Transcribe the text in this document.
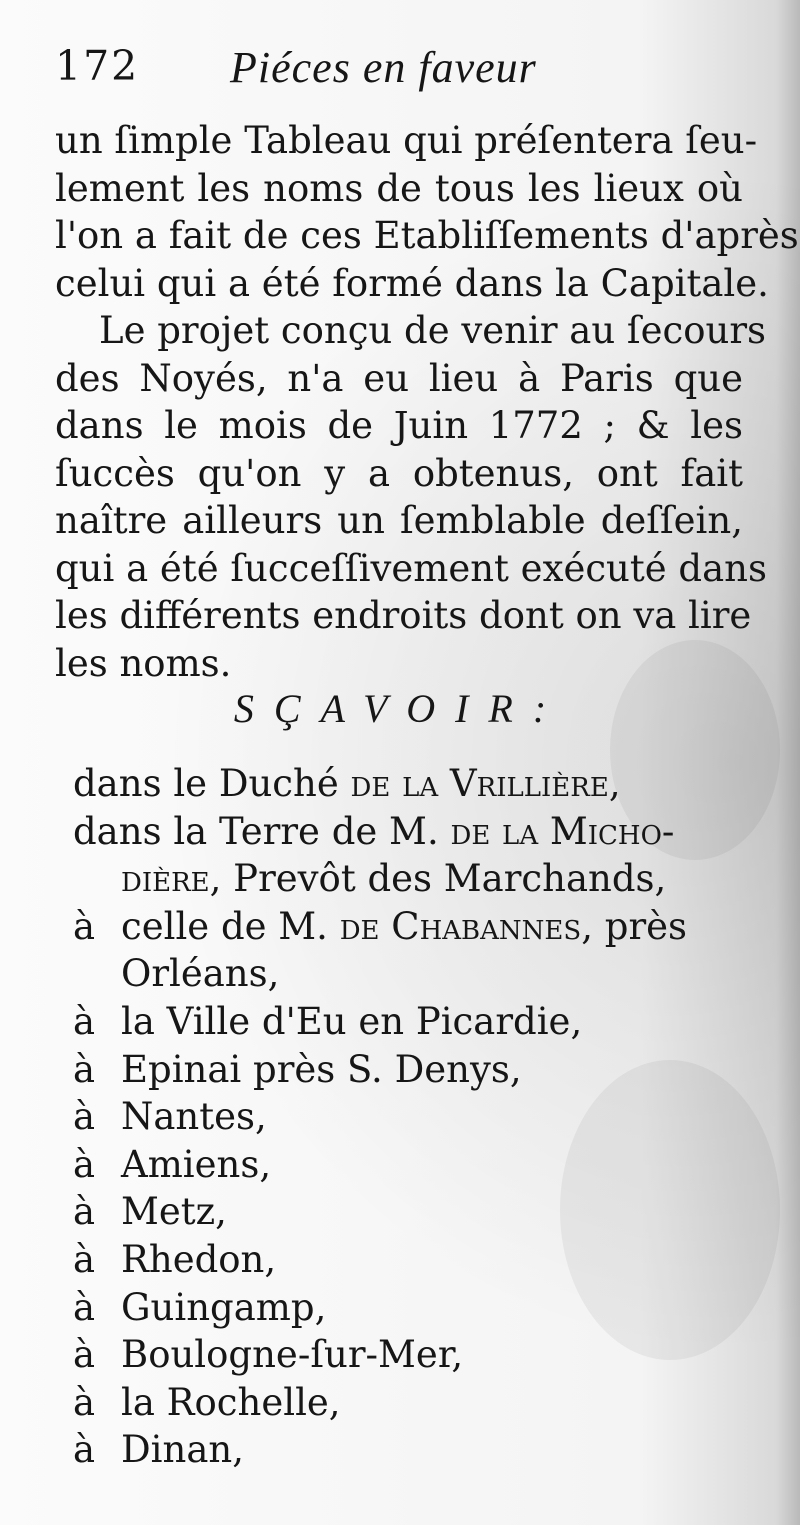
172 Piéces en faveur
un ſimple Tableau qui préſentera ſeu-
lement les noms de tous les lieux où
l'on a fait de ces Etabliſſements d'après
celui qui a été formé dans la Capitale.
Le projet conçu de venir au ſecours
des Noyés, n'a eu lieu à Paris que
dans le mois de Juin 1772 ; & les
ſuccès qu'on y a obtenus, ont fait
naître ailleurs un ſemblable deſſein,
qui a été ſucceſſivement exécuté dans
les différents endroits dont on va lire
les noms.
SÇAVOIR:
dans le Duché de la Vrillière,
dans la Terre de M. de la Micho-
dière, Prevôt des Marchands,
à celle de M. de Chabannes, près
Orléans,
à la Ville d'Eu en Picardie,
à Epinai près S. Denys,
à Nantes,
à Amiens,
à Metz,
à Rhedon,
à Guingamp,
à Boulogne-ſur-Mer,
à la Rochelle,
à Dinan,
